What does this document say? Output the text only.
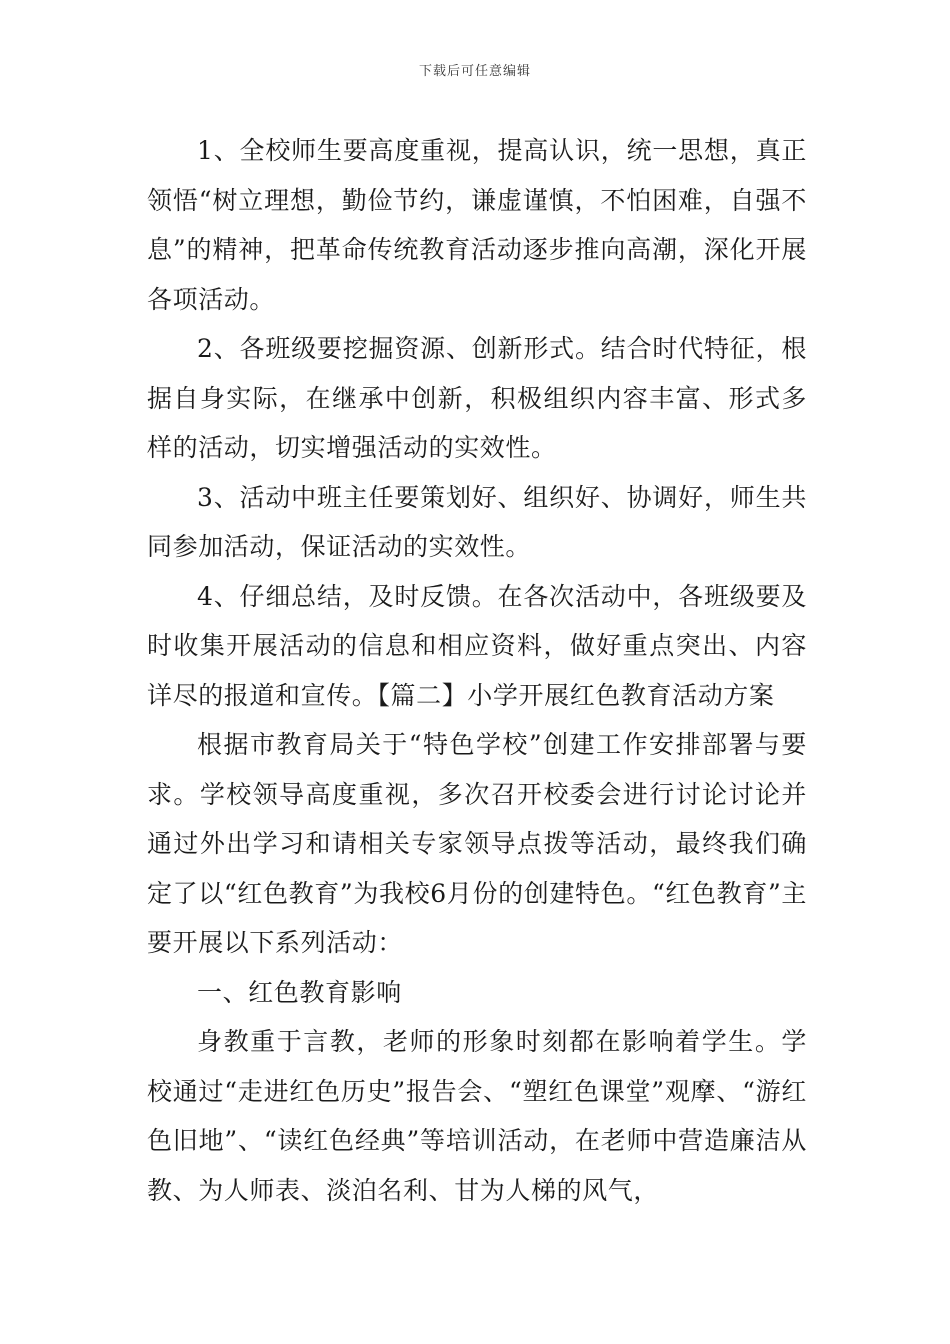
下载后可任意编辑

1、全校师生要高度重视，提高认识，统一思想，真正领悟“树立理想，勤俭节约，谦虚谨慎，不怕困难，自强不息”的精神，把革命传统教育活动逐步推向高潮，深化开展各项活动。

2、各班级要挖掘资源、创新形式。结合时代特征，根据自身实际，在继承中创新，积极组织内容丰富、形式多样的活动，切实增强活动的实效性。

3、活动中班主任要策划好、组织好、协调好，师生共同参加活动，保证活动的实效性。

4、仔细总结，及时反馈。在各次活动中，各班级要及时收集开展活动的信息和相应资料，做好重点突出、内容详尽的报道和宣传。【篇二】小学开展红色教育活动方案

根据市教育局关于“特色学校”创建工作安排部署与要求。学校领导高度重视，多次召开校委会进行讨论讨论并通过外出学习和请相关专家领导点拨等活动，最终我们确定了以“红色教育”为我校6月份的创建特色。“红色教育”主要开展以下系列活动：

一、红色教育影响

身教重于言教，老师的形象时刻都在影响着学生。学校通过“走进红色历史”报告会、“塑红色课堂”观摩、“游红色旧地”、“读红色经典”等培训活动，在老师中营造廉洁从教、为人师表、淡泊名利、甘为人梯的风气，
